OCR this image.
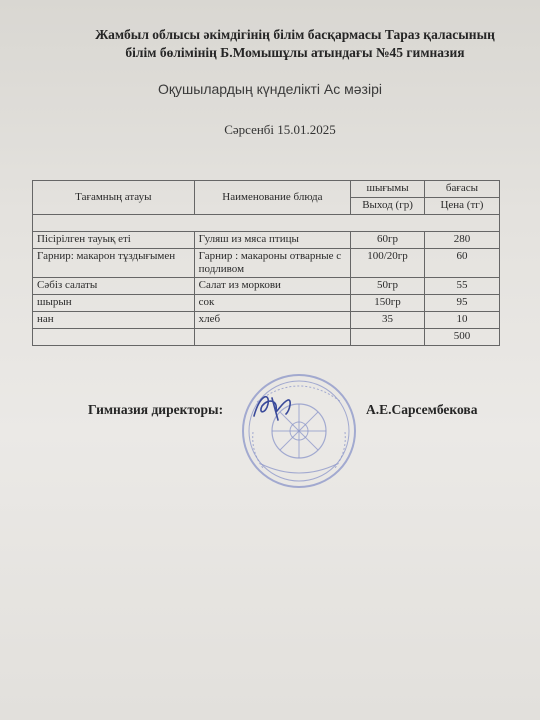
Жамбыл облысы әкімдігінің білім басқармасы Тараз қаласының
білім бөлімінің Б.Момышұлы атындағы №45 гимназия
Оқушылардың күнделікті Ас мәзірі
Сәрсенбі 15.01.2025
Тағамның атауы	Наименование блюда	шығымы	бағасы
		Выход (гр)	Цена (тг)

Пісірілген тауық еті	Гуляш из мяса птицы	60гр	280
Гарнир: макарон тұздығымен	Гарнир : макароны отварные с подливом	100/20гр	60
Сәбіз салаты	Салат из моркови	50гр	55
шырын	сок	150гр	95
нан	хлеб	35	10
			500
Гимназия директоры:	А.Е.Сарсембекова
